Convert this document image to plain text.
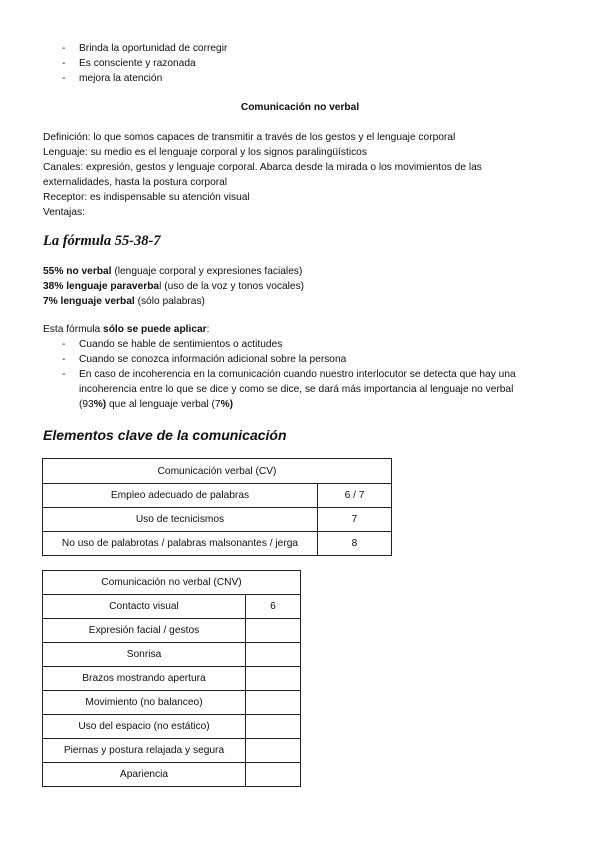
- Brinda la oportunidad de corregir
- Es consciente y razonada
- mejora la atención
Comunicación no verbal
Definición: lo que somos capaces de transmitir a través de los gestos y el lenguaje corporal
Lenguaje: su medio es el lenguaje corporal y los signos paralingüísticos
Canales: expresión, gestos y lenguaje corporal. Abarca desde la mirada o los movimientos de las
externalidades, hasta la postura corporal
Receptor: es indispensable su atención visual
Ventajas:
La fórmula 55-38-7
55% no verbal (lenguaje corporal y expresiones faciales)
38% lenguaje paraverbal (uso de la voz y tonos vocales)
7% lenguaje verbal (sólo palabras)
Esta fórmula sólo se puede aplicar:
- Cuando se hable de sentimientos o actitudes
- Cuando se conozca información adicional sobre la persona
- En caso de incoherencia en la comunicación cuando nuestro interlocutor se detecta que hay una
incoherencia entre lo que se dice y como se dice, se dará más importancia al lenguaje no verbal
(93%) que al lenguaje verbal (7%)
Elementos clave de la comunicación
Comunicación verbal (CV)	
Empleo adecuado de palabras	6 / 7
Uso de tecnicismos	7
No uso de palabrotas / palabras malsonantes / jerga	8
Comunicación no verbal (CNV)	
Contacto visual	6
Expresión facial / gestos	
Sonrisa	
Brazos mostrando apertura	
Movimiento (no balanceo)	
Uso del espacio (no estático)	
Piernas y postura relajada y segura	
Apariencia	
